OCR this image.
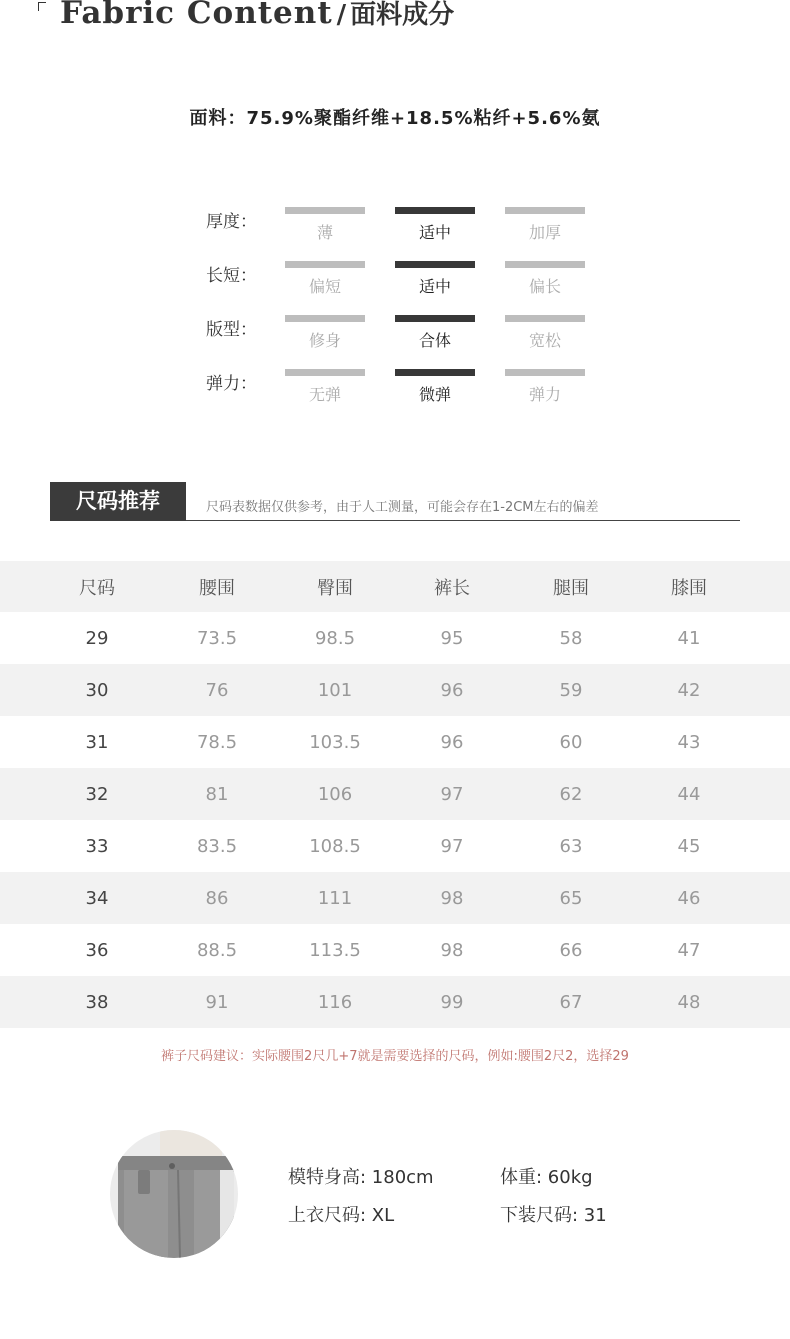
Fabric Content / 面料成分
面料：75.9%聚酯纤维+18.5%粘纤+5.6%氨
厚度：
薄	适中	加厚
长短：
偏短	适中	偏长
版型：
修身	合体	宽松
弹力：
无弹	微弹	弹力
尺码推荐	尺码表数据仅供参考，由于人工测量，可能会存在1-2CM左右的偏差
尺码	腰围	臀围	裤长	腿围	膝围
29	73.5	98.5	95	58	41
30	76	101	96	59	42
31	78.5	103.5	96	60	43
32	81	106	97	62	44
33	83.5	108.5	97	63	45
34	86	111	98	65	46
36	88.5	113.5	98	66	47
38	91	116	99	67	48
裤子尺码建议：实际腰围2尺几+7就是需要选择的尺码，例如:腰围2尺2，选择29
模特身高: 180cm	体重: 60kg
上衣尺码: XL	下装尺码: 31
